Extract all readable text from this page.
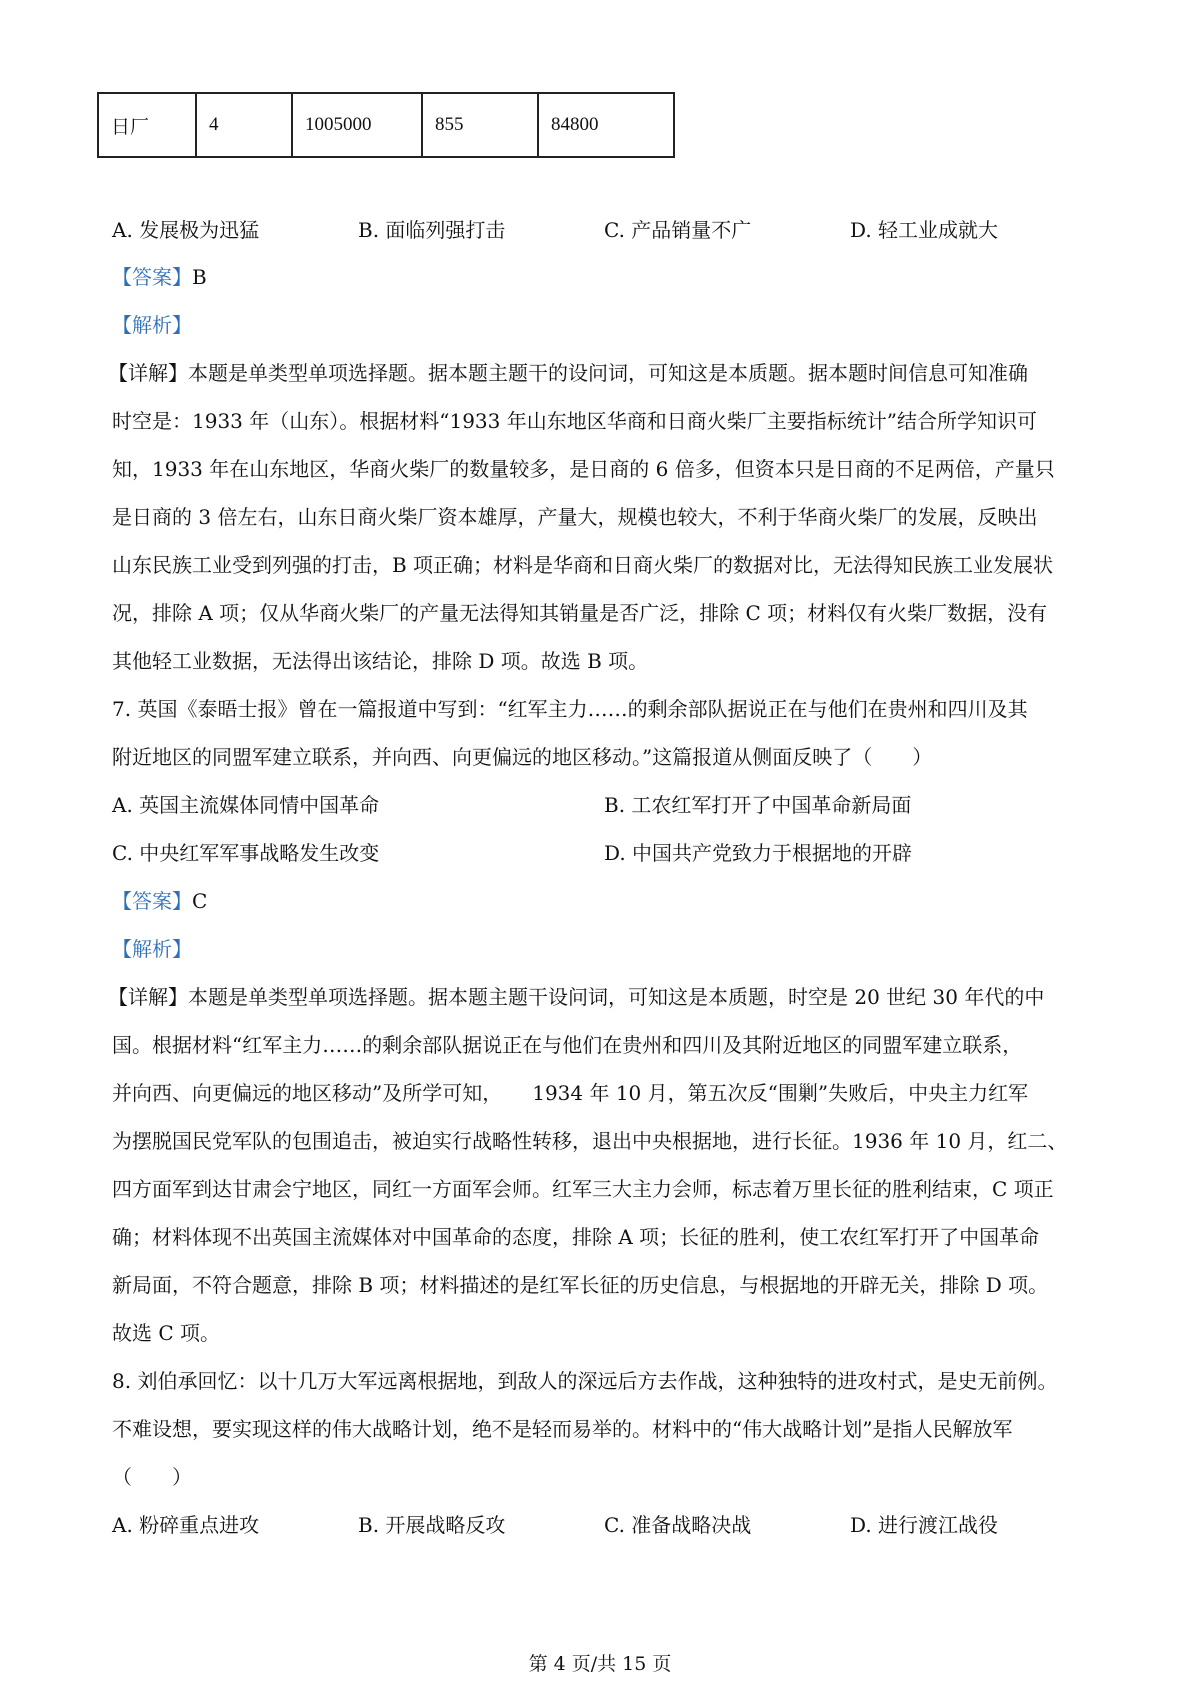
日厂	4	1005000	855	84800
A. 发展极为迅猛	B. 面临列强打击	C. 产品销量不广	D. 轻工业成就大
【答案】B
【解析】
【详解】本题是单类型单项选择题。据本题主题干的设问词，可知这是本质题。据本题时间信息可知准确
时空是：1933 年（山东）。根据材料“1933 年山东地区华商和日商火柴厂主要指标统计”结合所学知识可
知，1933 年在山东地区，华商火柴厂的数量较多，是日商的 6 倍多，但资本只是日商的不足两倍，产量只
是日商的 3 倍左右，山东日商火柴厂资本雄厚，产量大，规模也较大，不利于华商火柴厂的发展，反映出
山东民族工业受到列强的打击，B 项正确；材料是华商和日商火柴厂的数据对比，无法得知民族工业发展状
况，排除 A 项；仅从华商火柴厂的产量无法得知其销量是否广泛，排除 C 项；材料仅有火柴厂数据，没有
其他轻工业数据，无法得出该结论，排除 D 项。故选 B 项。
7. 英国《泰晤士报》曾在一篇报道中写到：“红军主力……的剩余部队据说正在与他们在贵州和四川及其
附近地区的同盟军建立联系，并向西、向更偏远的地区移动。”这篇报道从侧面反映了（　　）
A. 英国主流媒体同情中国革命	B. 工农红军打开了中国革命新局面
C. 中央红军军事战略发生改变	D. 中国共产党致力于根据地的开辟
【答案】C
【解析】
【详解】本题是单类型单项选择题。据本题主题干设问词，可知这是本质题，时空是 20 世纪 30 年代的中
国。根据材料“红军主力……的剩余部队据说正在与他们在贵州和四川及其附近地区的同盟军建立联系，
并向西、向更偏远的地区移动”及所学可知，　　1934 年 10 月，第五次反“围剿”失败后，中央主力红军
为摆脱国民党军队的包围追击，被迫实行战略性转移，退出中央根据地，进行长征。1936 年 10 月，红二、
四方面军到达甘肃会宁地区，同红一方面军会师。红军三大主力会师，标志着万里长征的胜利结束，C 项正
确；材料体现不出英国主流媒体对中国革命的态度，排除 A 项；长征的胜利，使工农红军打开了中国革命
新局面，不符合题意，排除 B 项；材料描述的是红军长征的历史信息，与根据地的开辟无关，排除 D 项。
故选 C 项。
8. 刘伯承回忆：以十几万大军远离根据地，到敌人的深远后方去作战，这种独特的进攻村式，是史无前例。
不难设想，要实现这样的伟大战略计划，绝不是轻而易举的。材料中的“伟大战略计划”是指人民解放军
（　　）
A. 粉碎重点进攻	B. 开展战略反攻	C. 准备战略决战	D. 进行渡江战役
第 4 页/共 15 页
